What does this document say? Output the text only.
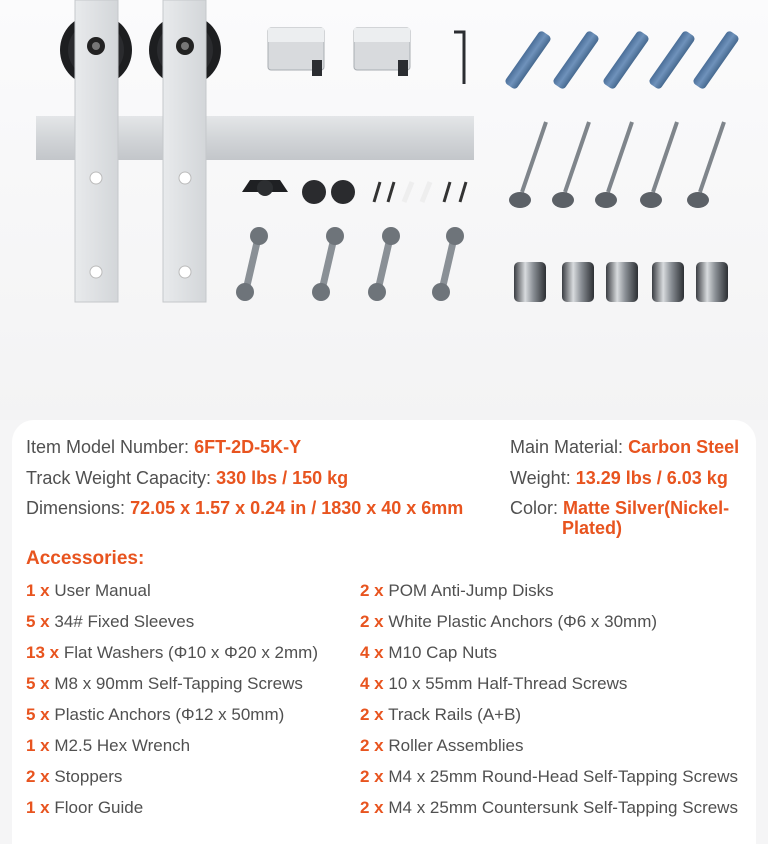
Item Model Number: 6FT-2D-5K-Y
Track Weight Capacity: 330 lbs / 150 kg
Dimensions: 72.05 x 1.57 x 0.24 in / 1830 x 40 x 6mm
Main Material: Carbon Steel
Weight: 13.29 lbs / 6.03 kg
Color: Matte Silver(Nickel-
Plated)
Accessories:
1 x User Manual
5 x 34# Fixed Sleeves
13 x Flat Washers (Φ10 x Φ20 x 2mm)
5 x M8 x 90mm Self-Tapping Screws
5 x Plastic Anchors (Φ12 x 50mm)
1 x M2.5 Hex Wrench
2 x Stoppers
1 x Floor Guide
2 x POM Anti-Jump Disks
2 x White Plastic Anchors (Φ6 x 30mm)
4 x M10 Cap Nuts
4 x 10 x 55mm Half-Thread Screws
2 x Track Rails (A+B)
2 x Roller Assemblies
2 x M4 x 25mm Round-Head Self-Tapping Screws
2 x M4 x 25mm Countersunk Self-Tapping Screws
